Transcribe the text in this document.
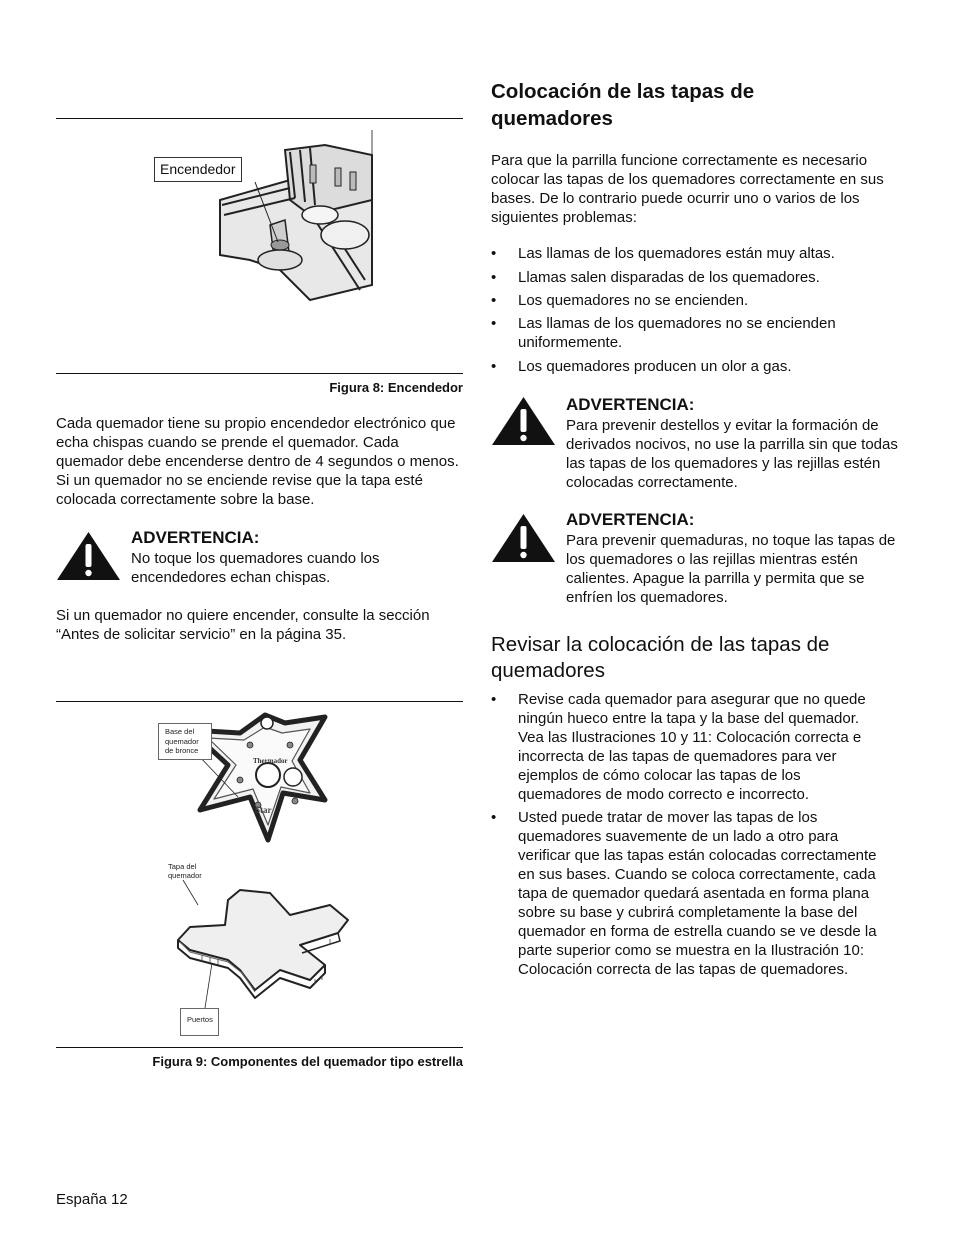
Encendedor
Figura 8: Encendedor
Cada quemador tiene su propio encendedor electrónico que echa chispas cuando se prende el quemador. Cada quemador debe encenderse dentro de 4 segundos o menos. Si un quemador no se enciende revise que la tapa esté colocada correctamente sobre la base.
ADVERTENCIA:
No toque los quemadores cuando los encendedores echan chispas.
Si un quemador no quiere encender, consulte la sección “Antes de solicitar servicio” en la página 35.
Thermador
Star
Base del quemador de bronce
Tapa del quemador
Puertos
Figura 9: Componentes del quemador tipo estrella
Colocación de las tapas de quemadores
Para que la parrilla funcione correctamente es necesario colocar las tapas de los quemadores correctamente en sus bases. De lo contrario puede ocurrir uno o varios de los siguientes problemas:
• Las llamas de los quemadores están muy altas.
• Llamas salen disparadas de los quemadores.
• Los quemadores no se encienden.
• Las llamas de los quemadores no se encienden uniformemente.
• Los quemadores producen un olor a gas.
ADVERTENCIA:
Para prevenir destellos y evitar la formación de derivados nocivos, no use la parrilla sin que todas las tapas de los quemadores y las rejillas estén colocadas correctamente.
ADVERTENCIA:
Para prevenir quemaduras, no toque las tapas de los quemadores o las rejillas mientras estén calientes. Apague la parrilla y permita que se enfríen los quemadores.
Revisar la colocación de las tapas de quemadores
• Revise cada quemador para asegurar que no quede ningún hueco entre la tapa y la base del quemador. Vea las Ilustraciones 10 y 11: Colocación correcta e incorrecta de las tapas de quemadores para ver ejemplos de cómo colocar las tapas de los quemadores de modo correcto e incorrecto.
• Usted puede tratar de mover las tapas de los quemadores suavemente de un lado a otro para verificar que las tapas están colocadas correctamente en sus bases. Cuando se coloca correctamente, cada tapa de quemador quedará asentada en forma plana sobre su base y cubrirá completamente la base del quemador en forma de estrella cuando se ve desde la parte superior como se muestra en la Ilustración 10: Colocación correcta de las tapas de quemadores.
España 12
